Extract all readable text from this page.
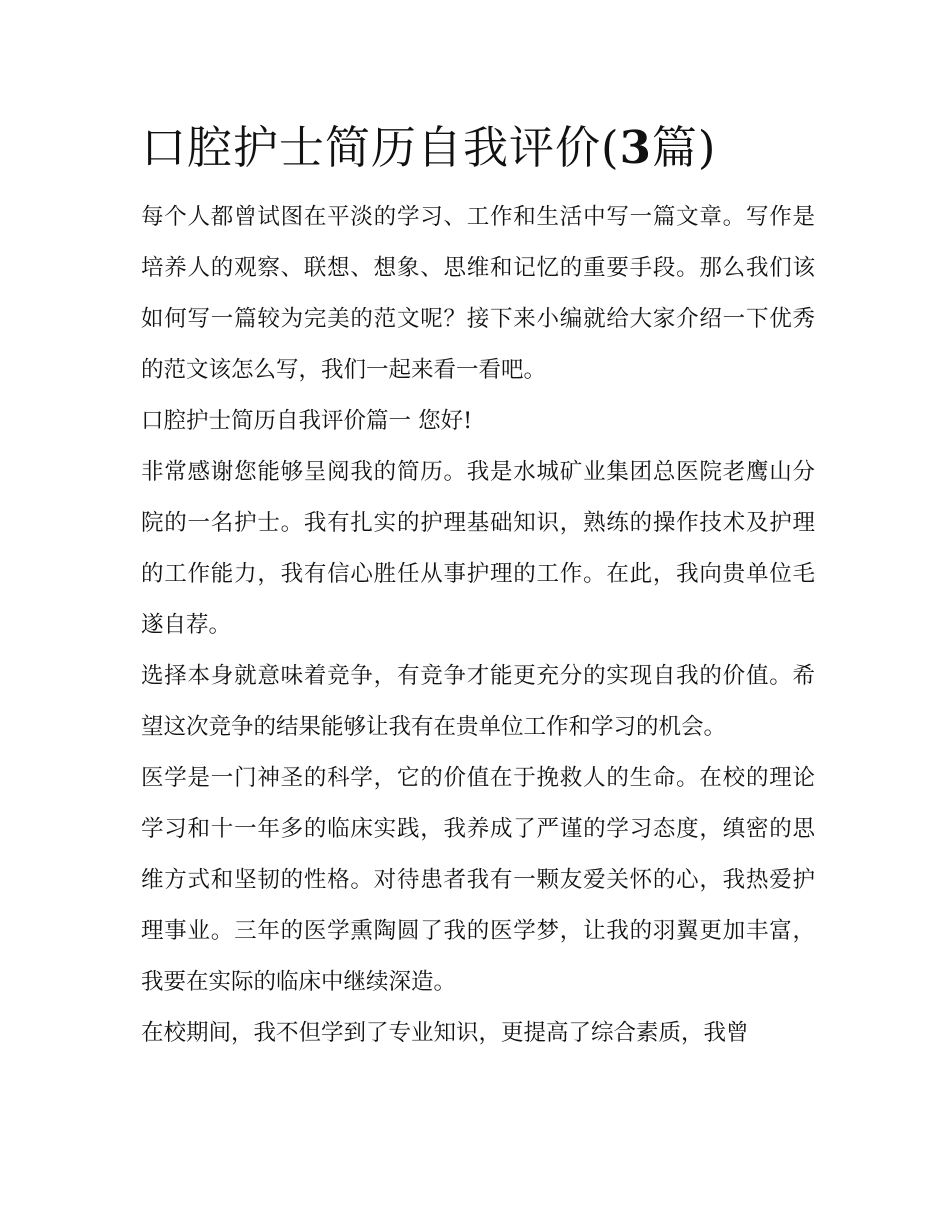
口腔护士简历自我评价(3篇)

每个人都曾试图在平淡的学习、工作和生活中写一篇文章。写作是培养人的观察、联想、想象、思维和记忆的重要手段。那么我们该如何写一篇较为完美的范文呢？接下来小编就给大家介绍一下优秀的范文该怎么写，我们一起来看一看吧。

口腔护士简历自我评价篇一 您好!

非常感谢您能够呈阅我的简历。我是水城矿业集团总医院老鹰山分院的一名护士。我有扎实的护理基础知识，熟练的操作技术及护理的工作能力，我有信心胜任从事护理的工作。在此，我向贵单位毛遂自荐。

选择本身就意味着竞争，有竞争才能更充分的实现自我的价值。希望这次竞争的结果能够让我有在贵单位工作和学习的机会。

医学是一门神圣的科学，它的价值在于挽救人的生命。在校的理论学习和十一年多的临床实践，我养成了严谨的学习态度，缜密的思维方式和坚韧的性格。对待患者我有一颗友爱关怀的心，我热爱护理事业。三年的医学熏陶圆了我的医学梦，让我的羽翼更加丰富，我要在实际的临床中继续深造。

在校期间，我不但学到了专业知识，更提高了综合素质，我曾
